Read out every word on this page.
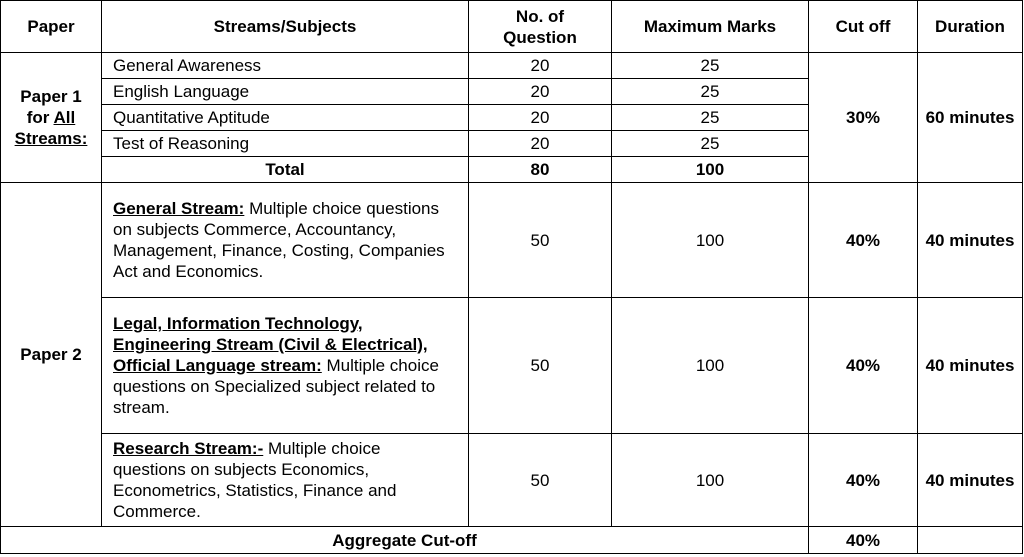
Paper	Streams/Subjects	No. of Question	Maximum Marks	Cut off	Duration

Paper 1
for All
Streams:	General Awareness	20	25	30%	60 minutes
	English Language	20	25		
	Quantitative Aptitude	20	25		
	Test of Reasoning	20	25		
	Total	80	100		
Paper 2	General Stream: Multiple choice questions on subjects Commerce, Accountancy, Management, Finance, Costing, Companies Act and Economics.	50	100	40%	40 minutes
	Legal, Information Technology, Engineering Stream (Civil & Electrical), Official Language stream: Multiple choice questions on Specialized subject related to stream.	50	100	40%	40 minutes
	Research Stream:- Multiple choice questions on subjects Economics, Econometrics, Statistics, Finance and Commerce.	50	100	40%	40 minutes
Aggregate Cut-off				40%	
